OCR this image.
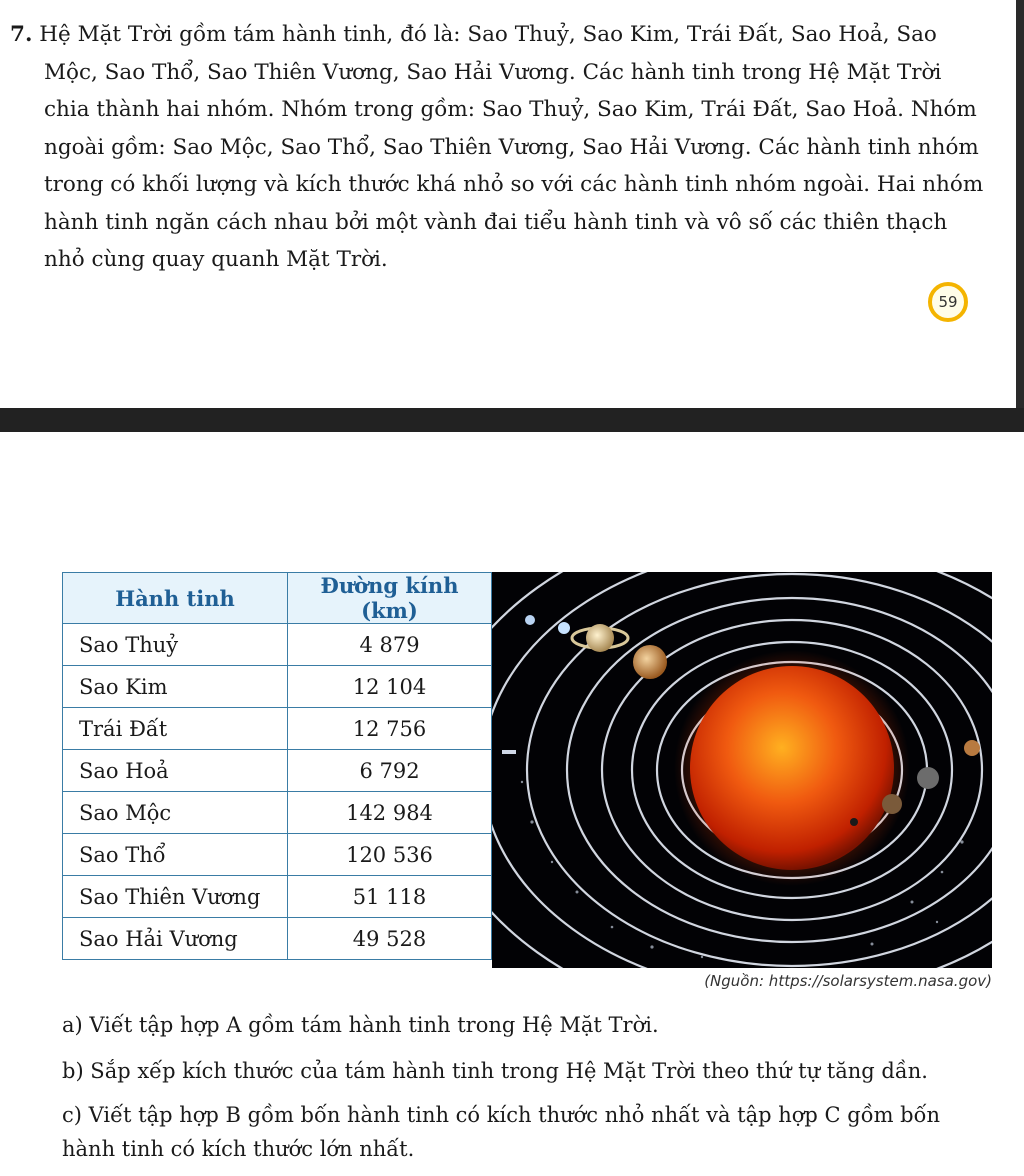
7. Hệ Mặt Trời gồm tám hành tinh, đó là: Sao Thuỷ, Sao Kim, Trái Đất, Sao Hoả, Sao Mộc, Sao Thổ, Sao Thiên Vương, Sao Hải Vương. Các hành tinh trong Hệ Mặt Trời chia thành hai nhóm. Nhóm trong gồm: Sao Thuỷ, Sao Kim, Trái Đất, Sao Hoả. Nhóm ngoài gồm: Sao Mộc, Sao Thổ, Sao Thiên Vương, Sao Hải Vương. Các hành tinh nhóm trong có khối lượng và kích thước khá nhỏ so với các hành tinh nhóm ngoài. Hai nhóm hành tinh ngăn cách nhau bởi một vành đai tiểu hành tinh và vô số các thiên thạch nhỏ cùng quay quanh Mặt Trời.
59
Hành tinh	Đường kính (km)
Sao Thuỷ	4 879
Sao Kim	12 104
Trái Đất	12 756
Sao Hoả	6 792
Sao Mộc	142 984
Sao Thổ	120 536
Sao Thiên Vương	51 118
Sao Hải Vương	49 528
(Nguồn: https://solarsystem.nasa.gov)
a) Viết tập hợp A gồm tám hành tinh trong Hệ Mặt Trời.
b) Sắp xếp kích thước của tám hành tinh trong Hệ Mặt Trời theo thứ tự tăng dần.
c) Viết tập hợp B gồm bốn hành tinh có kích thước nhỏ nhất và tập hợp C gồm bốn hành tinh có kích thước lớn nhất.
